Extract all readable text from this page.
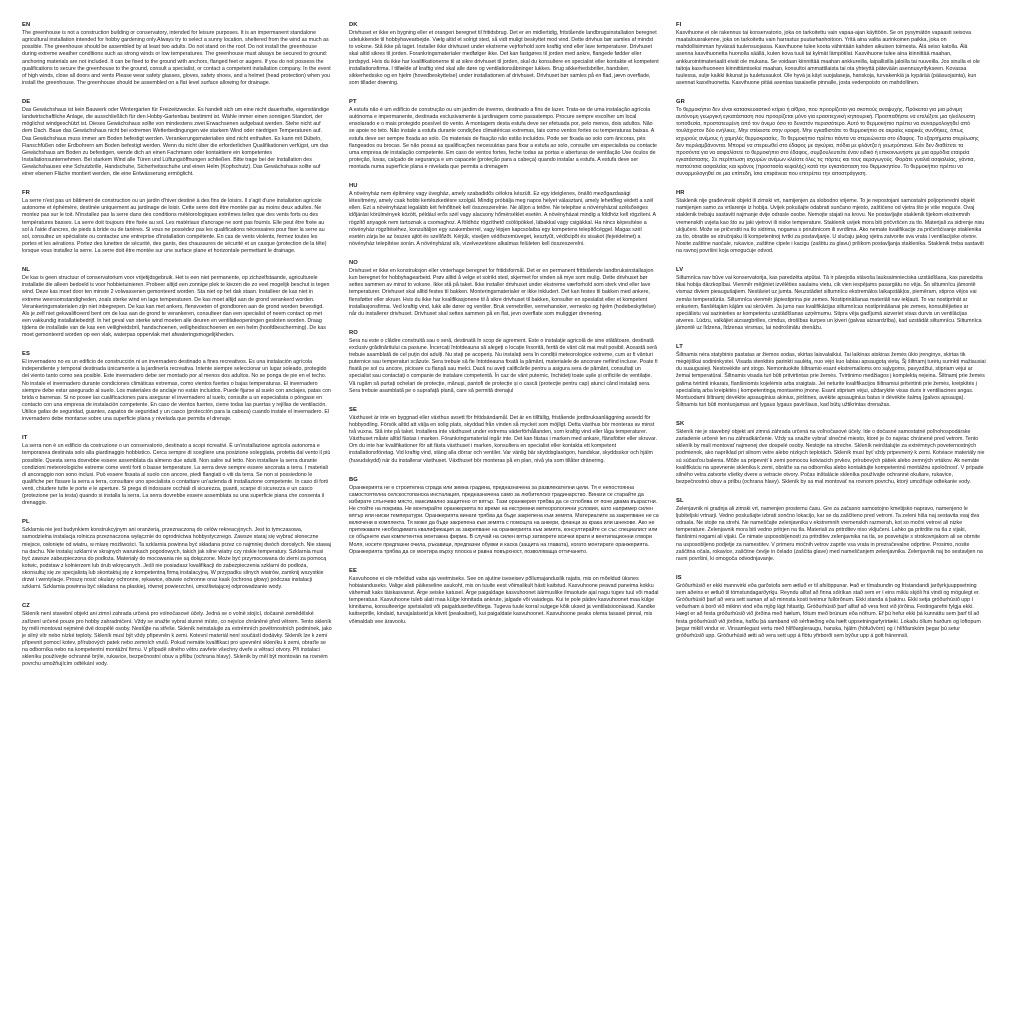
EN

The greenhouse is not a construction building or conservatory, intended for leisure purposes. It is an impermanent standalone agricultural installation intended for hobby gardening only.Always try to select a sunny location, sheltered from the wind as much as possible. The greenhouse should be assembled by at least two adults. Do not stand on the roof. Do not install the greenhouse during extreme weather conditions such as strong winds or low temperatures. The greenhouse must always be secured to ground: anchoring materials are not included. It can be fixed to the ground with anchors, flanged feet or augers. If you do not possess the qualifications to secure the greenhouse to the ground, consult a specialist, or contact a competent installation company. In the event of high winds, close all doors and vents Please wear safety glasses, gloves, safety shoes, and a helmet (head protection) when you install the greenhouse. The greenhouse should be assembled on a flat level surface allowing for drainage.

DE

Das Gewächshaus ist kein Bauwerk oder Wintergarten für Freizeitzwecke. Es handelt sich um eine nicht dauerhafte, eigenständige landwirtschaftliche Anlage, die ausschließlich für den Hobby-Gartenbau bestimmt ist. Wähle immer einen sonnigen Standort, der möglichst windgeschützt ist. Dieses Gewächshaus sollte von mindestens zwei Erwachsenen aufgebaut werden. Stehe nicht auf dem Dach. Baue das Gewächshaus nicht bei extremen Wetterbedingungen wie starkem Wind oder niedrigen Temperaturen auf. Das Gewächshaus muss immer am Boden befestigt werden. Verankerungsmaterialien sind nicht enthalten. Es kann mit Dübeln, Flanschfüßen oder Erdbohrern am Boden befestigt werden. Wenn du nicht über die erforderlichen Qualifikationen verfügst, um das Gewächshaus am Boden zu befestigen, wende dich an einen Fachmann oder kontaktiere ein kompetentes Installationsunternehmen. Bei starkem Wind alle Türen und Lüftungsöffnungen schließen. Bitte trage bei der Installation des Gewächshauses eine Schutzbrille, Handschuhe, Sicherheitsschuhe und einen Helm (Kopfschutz). Das Gewächshaus sollte auf einer ebenen Fläche montiert werden, die eine Entwässerung ermöglicht.

FR

La serre n'est pas un bâtiment de construction ou un jardin d'hiver destiné à des fins de loisirs. Il s'agit d'une installation agricole autonome et éphémère, destinée uniquement au jardinage de loisir. Cette serre doit être montée par au moins deux adultes. Ne montez pas sur le toit. N'installez pas la serre dans des conditions météorologiques extrêmes telles que des vents forts ou des températures basses. La serre doit toujours être fixée au sol. Les matériaux d'ancrage ne sont pas fournis. Elle peut être fixée au sol à l'aide d'ancres, de pieds à bride ou de tarières. Si vous ne possédez pas les qualifications nécessaires pour fixer la serre au sol, consultez un spécialiste ou contactez une entreprise d'installation compétente. En cas de vents violents, fermez toutes les portes et les aérations. Portez des lunettes de sécurité, des gants, des chaussures de sécurité et un casque (protection de la tête) lorsque vous installez la serre. La serre doit être montée sur une surface plane et horizontale permettant le drainage.

NL

De kas is geen structuur of conservatorium voor vrijetijdsgebruik. Het is een niet permanente, op zichzelfstaande, agriculturele installatie die alleen bedoeld is voor hobbietuinieren. Probeer altijd een zonnige plek te kiezen die zo veel mogelijk beschut is tegen wind. Deze kas moet door ten minste 2 volwassenen gemonteerd worden. Sta niet op het dak staan. Installeer de kas niet in extreme weersomstandigheden, zoals sterke wind en lage temperaturen. De kas moet altijd aan de grond verankerd worden. Verankeringsmaterialen zijn niet inbegrepen. De kas kan met ankers, flensvoeten of grondboren aan de grond worden bevestigd. Als je zelf niet gekwalificeerd bent om de kas aan de grond te verankeren, consulteer dan een specialist of neem contact op met een vakkundig installatiebedrijf. In het geval van sterke wind moeten alle deuren en ventilatieopeningen gesloten worden. Draag tijdens de installatie van de kas een veiligheidsbril, handschoenen, veiligheidsschoenen en een helm (hoofdbescherming). De kas moet gemonteerd worden op een vlak, waterpas oppervlak met afwateringsmogelijkheden.

ES

El invernadero no es un edificio de construcción ni un invernadero destinado a fines recreativos. Es una instalación agrícola independiente y temporal destinada únicamente a la jardinería recreativa. Intente siempre seleccionar un lugar soleado, protegido del viento tanto como sea posible. Este invernadero debe ser montado por al menos dos adultos. No se ponga de pie en el techo. No instale el invernadero durante condiciones climáticas extremas, como vientos fuertes o bajas temperaturas. El invernadero siempre debe estar asegurado al suelo. Los materiales de anclaje no están incluidos. Puede fijarse al suelo con anclajes, patas con brida o barrenas. Si no posee las cualificaciones para asegurar el invernadero al suelo, consulte a un especialista o póngase en contacto con una empresa de instalación competente. En caso de vientos fuertes, cierre todas las puertas y rejillas de ventilación. Utilice gafas de seguridad, guantes, zapatos de seguridad y un casco (protección para la cabeza) cuando instale el invernadero. El invernadero debe montarse sobre una superficie plana y nivelada que permita el drenaje.

IT

La serra non è un edificio da costruzione o un conservatorio, destinato a scopi ricreativi. È un'installazione agricola autonoma e temporanea destinata solo alla giardinaggio hobbistico. Cerca sempre di scegliere una posizione soleggiata, protetta dal vento il più possibile. Questa serra dovrebbe essere assemblata da almeno due adulti. Non salire sul tetto. Non installare la serra durante condizioni meteorologiche estreme come venti forti o basse temperature. La serra deve sempre essere ancorata a terra. I materiali di ancoraggio non sono inclusi. Può essere fissata al suolo con ancore, piedi flangiati o viti da terra. Se non si possiedono le qualifiche per fissare la serra a terra, consultare uno specialista o contattare un'azienda di installazione competente. In caso di forti venti, chiudere tutte le porte e le aperture. Si prega di indossare occhiali di sicurezza, guanti, scarpe di sicurezza e un casco (protezione per la testa) quando si installa la serra. La serra dovrebbe essere assemblata su una superficie piana che consenta il drenaggio.

PL

Szklarnia nie jest budynkiem konstrukcyjnym ani oranżerią, przeznaczoną do celów rekreacyjnych. Jest to tymczasowa, samodzielna instalacja rolnicza przeznaczona wyłącznie do ogrodnictwa hobbystycznego. Zawsze staraj się wybrać słoneczne miejsce, osłonięte od wiatru, w miarę możliwości. Ta szklarnia powinna być składana przez co najmniej dwóch dorosłych. Nie stawaj na dachu. Nie instaluj szklarni w skrajnych warunkach pogodowych, takich jak silne wiatry czy niskie temperatury. Szklarnia musi być zawsze zabezpieczona do podłoża. Materiały do mocowania nie są dołączone. Może być przymocowana do ziemi za pomocą kotwic, podstaw z kołnierzem lub śrub wkręcanych. Jeśli nie posiadasz kwalifikacji do zabezpieczenia szklarni do podłoża, skonsultuj się ze specjalistą lub skontaktuj się z kompetentną firmą instalacyjną. W przypadku silnych wiatrów, zamknij wszystkie drzwi i wentylacje. Proszę nosić okulary ochronne, rękawice, obuwie ochronne oraz kask (ochrona głowy) podczas instalacji szklarni. Szklarnia powinna być składana na płaskiej, równej powierzchni, umożliwiającej odprowadzanie wody.

CZ

Skleník není stavební objekt ani zimní zahrada určená pro volnočasové účely. Jedná se o volně stojící, dočasné zemědělské zařízení určené pouze pro hobby zahradničení. Vždy se snažte vybrat slunné místo, co nejvíce chráněné před větrem. Tento skleník by měli montovat nejméně dvě dospělé osoby. Nestůjte na střeše. Skleník neinstalujte za extrémních povětrnostních podmínek, jako je silný vítr nebo nízké teploty. Skleník musí být vždy připevněn k zemi. Kotevní materiál není součástí dodávky. Skleník lze k zemi připevnit pomocí kotev, přírubových patek nebo zemních vrutů. Pokud nemáte kvalifikaci pro upevnění skleníku k zemi, obraťte se na odborníka nebo na kompetentní montážní firmu. V případě silného větru zavřete všechny dveře a větrací otvory. Při instalaci skleníku používejte ochranné brýle, rukavice, bezpečnostní obuv a přilbu (ochrana hlavy). Skleník by měl být montován na rovném povrchu umožňujícím odtékání vody.

DK

Drivhuset er ikke en bygning eller et orangeri beregnet til fritidsbrug. Det er en midlertidig, fritstående landbrugsinstallation beregnet udelukkende til hobbyhavearbejde. Vælg altid et solrigt sted, så vidt muligt beskyttet mod vind. Dette drivhus bør samles af mindst to voksne. Stå ikke på taget. Installer ikke drivhuset under ekstreme vejrforhold som kraftig vind eller lave temperaturer. Drivhuset skal altid sikres til jorden. Forankringsmaterialer medfølger ikke. Det kan fastgøres til jorden med ankre, flangede fødder eller jordspyd. Hvis du ikke har kvalifikationerne til at sikre drivhuset til jorden, skal du konsultere en specialist eller kontakte et kompetent installationsfirma. I tilfælde af kraftig vind skal alle døre og ventilationsåbninger lukkes. Brug sikkerhedsbriller, handsker, sikkerhedssko og en hjelm (hovedbeskyttelse) under installationen af drivhuset. Drivhuset bør samles på en flad, jævn overflade, som tillader dræning.

PT

A estufa não é um edifício de construção ou um jardim de inverno, destinado a fins de lazer. Trata-se de uma instalação agrícola autónoma e impermanente, destinada exclusivamente à jardinagem como passatempo. Procure sempre escolher um local ensolarado e o mais protegido possível do vento. A montagem desta estufa deve ser efetuada por, pelo menos, dois adultos. Não se apoie no teto. Não instale a estufa durante condições climatéricas extremas, tais como ventos fortes ou temperaturas baixas. A estufa deve ser sempre fixada ao solo. Os materiais de fixação não estão incluídos. Pode ser fixada ao solo com âncoras, pés flangeados ou brocas. Se não possui as qualificações necessárias para fixar a estufa ao solo, consulte um especialista ou contacte uma empresa de instalação competente. Em caso de ventos fortes, feche todas as portas e aberturas de ventilação Use óculos de proteção, luvas, calçado de segurança e um capacete (proteção para a cabeça) quando instalar a estufa. A estufa deve ser montada numa superfície plana e nivelada que permita a drenagem

HU

A növényház nem építmény vagy üvegház, amely szabadidős célokra készült. Ez egy ideiglenes, önálló mezőgazdasági létesítmény, amely csak hobbi kertészkedésre szolgál. Mindig próbálja meg napos helyet választani, amely lehetőleg védett a szél ellen. Ezt a növényházat legalább két felnőttnek kell összeszerelnie. Ne álljon a tetőre. Ne telepítse a növényházat szélsőséges időjárási körülmények között, például erős szél vagy alacsony hőmérséklet esetén. A növényházat mindig a földhöz kell rögzíteni. A rögzítő anyagok nem tartoznak a csomaghoz. A földhöz rögzíthető csölöpökkel, lábakkal vagy csigákkal. Ha nincs képesítése a növényház rögzítéséhez, konzultáljon egy szakemberrel, vagy lépjen kapcsolatba egy kompetens telepítőcéggel. Magas szél esetén zárja be az összes ajtót és szellőzőt. Kérjük, viseljen védőszemüveget, kesztyűt, védőcipőt és sisakot (fejvédelmet) a növényház telepítése során. A növényházat sík, vízelvezetésre alkalmas felületen kell összeszerelni.

NO

Drivhuset er ikke en konstruksjon eller vinterhage beregnet for fritidsformål. Det er en permanent frittstående landbruksinstallasjon kun beregnet for hobbyhagearbeid. Prøv alltid å velge et solrikt sted, skjermet for vinden så mye som mulig. Dette drivhuset bør settes sammen av minst to voksne. Ikke stå på taket. Ikke installer drivhuset under ekstreme værforhold som sterk vind eller lave temperaturer. Drivhuset skal alltid festes til bakken. Monteringsmaterialer er ikke inkludert. Det kan festes til bakken med ankere, flensføtter eller skruer. Hvis du ikke har kvalifikasjonene til å sikre drivhuset til bakken, konsulter en spesialist eller et kompetent installasjonsfirma. Ved kraftig vind, lukk alle dører og ventiler. Bruk vernebriller, vernehansker, vernesko og hjelm (hodebeskyttelse) når du installerer drivhuset. Drivhuset skal settes sammen på en flat, jevn overflate som muliggjør drenering.

RO

Sera nu este o clădire construită sau o seră, destinată în scop de agrement. Este o instalație agricolă de sine stătătoare, destinată exclusiv grădinăritului ca pasiune. Încercați întotdeauna să alegeți o locație însorită, ferită de vânt cât mai mult posibil. Această seră trebuie asamblată de cel puțin doi adulți. Nu stați pe acoperiș. Nu instalați sera în condiții meteorologice extreme, cum ar fi vânturi puternice sau temperaturi scăzute. Sera trebuie să fie întotdeauna fixată la pământ, materialele de ancorare nefiind incluse. Poate fi fixată pe sol cu ancore, picioare cu flanșă sau melci. Dacă nu aveți calificările pentru a asigura sera de pământ, consultați un specialist sau contactați o companie de instalare competentă. În caz de vânt puternic, închideți toate ușile și orificiile de ventilație. Vă rugăm să purtați ochelari de protecție, mănuși, pantofi de protecție și o cască (protecție pentru cap) atunci când instalați sera. Sera trebuie asamblată pe o suprafață plană, care să permită drenajul

SE

Växthuset är inte en byggnad eller växthus avsett för fritidsändamål. Det är en tillfällig, fristående jordbruksanläggning avsedd för hobbyodling. Försök alltid att välja en solig plats, skyddad från vinden så mycket som möjligt. Detta växthus bör monteras av minst två vuxna. Stå inte på taket. Installera inte växthuset under extrema väderförhållanden, som kraftig vind eller låga temperaturer. Växthuset måste alltid fästas i marken. Förankringsmaterial ingår inte. Det kan fästas i marken med ankare, flänsfötter eller skruvar. Om du inte har kvalifikationer för att fästa växthuset i marken, konsultera en specialist eller kontakta ett kompetent installationsföretag. Vid kraftig vind, stäng alla dörrar och ventiler. Var vänlig bär skyddsglasögon, handskar, skyddsskor och hjälm (huvudskydd) när du installerar växthuset. Växthuset bör monteras på en plan, nivå yta som tillåter dränering.

BG

Оранжерията не е строителна сграда или зимна градина, предназначена за развлекателни цели. Тя е непостоянна самостоятелна селскостопанска инсталация, предназначена само за любителско градинарство. Винаги се старайте да избирате слънчево място, максимално защитено от вятър. Тази оранжерия трябва да се сглобява от поне двама възрастни. Не стойте на покрива. Не монтирайте оранжерията по време на екстремни метеорологични условия, като например силен вятър или ниски температури. Оранжерията винаги трябва да бъде закрепена към земята. Материалите за закрепване не са включени в комплекта. Тя може да бъде закрепена към земята с помощта на анкери, фланци за крака или шнекове. Ако не притежавате необходимата квалификация за закрепване на оранжерията към земята, консултирайте се със специалист или се обърнете към компетентна монтажна фирма. В случай на силен вятър затворете всички врати и вентилационни отвори Моля, носете предпазни очила, ръкавици, предпазни обувки и каска (защита на главата), когато монтирате оранжерията. Оранжерията трябва да се монтира върху плоска и равна повърхност, позволяваща оттичането.

EE

Kasvuhoone ei ole mõeldud vaba aja veetmiseks. See on ajutine iseseisev põllumajanduslik rajatis, mis on mõeldud üksnes hobiaianduseks. Valige alati päikeseline asukoht, mis on tuulte eest võimalikult hästi kaitstud. Kasvuhoone peavad paneima kokku vähemalt kaks täiskasvanut. Ärge seiske katusel. Ärge paigaldage kasvuhoonet äärmuslike ilmaolude ajal nagu tugev tuul või madal temperatuur. Kasvuhoone tuleb alati maa külge kinnitada ankrute, jalgade või vaiadega. Kui te pole pädev kasvuhoonet maa külge kinnitama, konsulteerige spetsialisti või paigaldusettevõttega. Tugeva tuule korral sulgege kõik uksed ja ventilatsiooniavad. Kandke kaitseprille, kindaid, turvajalatseid ja kiivrit (peakaitset), kui paigaldate kasvuhoonet. Kasvuhoone peaks olema tasasel pinnal, mis võimaldab vee äravoolu.

FI

Kasvihuone ei ole rakennus tai konservatorio, joka on tarkoitettu vain vapaa-ajan käyttöön. Se on pysymätön vapaasti seisova maatalousrakenne, joka on tarkoitettu vain harrastus puutarhanhoitoon. Yritä aina valita aurinkoinen paikka, joka on mahdollisimman hyvässä tuulensuojassa. Kasvihuone tulee koota vähintään kahden aikuisen toimesta. Älä seiso katolla. Älä asenna kasvihuonetta huonolla säällä, kuten kova tuuli tai kylmät lämpötilat. Kasvihuone tulee aina kiinnittää maahan, ankkurointimateriaalit eivät ole mukana. Se voidaan kiinnittää maahan ankkureilla, laipallisilla jaloilla tai ruuveilla. Jos sinulla ei ole taitoja kasvihuoneen kiinnittämiseksi maahan, konsultoi ammattilaista tai ota yhteyttä pätevään asennusyritykseen. Kovassa tuulessa, sulje kaikki ikkunat ja tuuletusaukot. Ole hyvä ja käyt suojalaseja, hanskoja, turvakenkiä ja kypärää (pääsuojainta), kun asennat kasvihuonetta. Kasvihuone pitää asentaa tasaiselle pinnalle, josta vedenpoisto on mahdollinen.

GR

Το θερμοκήπιο δεν είναι κατασκευαστικό κτίριο ή αίθριο, που προορίζεται για σκοπούς αναψυχής. Πρόκειται για μια μόνιμη αυτόνομη γεωργική εγκατάσταση που προορίζεται μόνο για ερασιτεχνική κηπουρική. Προσπαθήστε να επιλέξετε μια ηλιόλουστη τοποθεσία, προστατευμένη από τον άνεμο όσο το δυνατόν περισσότερο. Αυτό το θερμοκήπιο πρέπει να συναρμολογηθεί από τουλάχιστον δύο ενήλικες. Μην στέκεστε στην οροφή. Μην εγκαθιστάτε το θερμοκήπιο σε ακραίες καιρικές συνθήκες, όπως ισχυρούς ανέμους ή χαμηλές θερμοκρασίες. Το θερμοκήπιο πρέπει πάντα να στερεώνεται στο έδαφος. Τα εξαρτήματα στερέωσης δεν περιλαμβάνονται. Μπορεί να στερεωθεί στο έδαφος με αγκύρια, πόδια με φλάντζα ή γεωτρύπανα. Εάν δεν διαθέτετε τα προσόντα για να ασφαλίσετε το θερμοκήπιο στο έδαφος, συμβουλευτείτε έναν ειδικό ή επικοινωνήστε με μια αρμόδια εταιρεία εγκατάστασης. Σε περίπτωση ισχυρών ανέμων κλείστε όλες τις πόρτες και τους αεραγωγούς. Φοράτε γυαλιά ασφαλείας, γάντια, παπούτσια ασφαλείας και κράνος (προστασία κεφαλής) κατά την εγκατάσταση του θερμοκηπίου. Το θερμοκήπιο πρέπει να συναρμολογηθεί σε μια επίπεδη, ίσια επιφάνεια που επιτρέπει την αποστράγγιση.

HR

Staklenik nije građevinski objekt ili zimski vrt, namijenjen za slobodno vrijeme. To je nepostojani samostalni poljoprivredni objekt namijenjen samo za vrtlarenje iz hobija. Uvijek pokušajte odabrati sunčano mjesto, zaštićeno od vjetra što je više moguće. Ovaj staklenik trebaju sastaviti najmanje dvije odrasle osobe. Nemojte stajati na krovu. Ne postavljajte staklenik tijekom ekstremnih vremenskih uvjeta kao što su jaki vjetrovi ili niske temperature. Staklenik uvijek mora biti pričvršćen za tlo. Materijali za sidrenje nisu uključeni. Može se pričvrstiti na tlo sidrima, nogama s prirubnicom ili svrdlima. Ako nemate kvalifikacije za pričvršćivanje staklenika za tlo, obratite se stručnjaku ili kompetentnoj tvrtki za postavljanje. U slučaju jakog vjetra zatvorite sva vrata i ventilacijske otvore. Nosite zaštitne naočale, rukavice, zaštitne cipele i kacigu (zaštitu za glavu) prilikom postavljanja staklenika. Staklenik treba sastaviti na ravnoj površini koja omogućuje odvod.

LV

Siltumnīca nav būve vai konservatorija, kas paredzēta atpūtai. Tā ir pārejoša stāvoša lauksaimnieciska uzstādīšana, kas paredzēta tikai hobija dārzkopībai. Vienmēr mēģiniet izvēlēties saulainu vietu, cik vien iespējams pasargātu no vēja. Šo siltumnīcu jāmontē vismaz diviem pieaugušajiem. Nestāviet uz jumta. Neuzstādiet siltumnīcu ekstremālos laikapstākļos, piemēram, stipros vējos vai zemās temperatūrās. Siltumnīca vienmēr jāpiestiprina pie zemes. Nostiprināšanas materiāli nav iekļauti. To var nostiprināt ar enkuriem, flanšētajām kājām vai skrūvēm. Ja jums nav kvalifikācijas siltumnīcas nostiprināšanai pie zemes, konsultējieties ar speciālistu vai sazinieties ar kompetentu uzstādīšanas uzņēmumu. Stipra vēja gadījumā aizveriet visas durvis un ventilācijas atveres. Lūdzu, valkājiet aizsargbrilles, cimdus, drošības kurpes un ķiveri (galvas aizsardzība), kad uzstādāt siltumnīcu. Siltumnīca jāmontē uz līdzena, līdzenas virsmas, lai nodrošinātu drenāžu.

LT

Šiltnamis nėra statybinis pastatas ar žiemos sodas, skirtas laisvalaikiui. Tai laikinas atskiras žemės ūkio įrenginys, skirtas tik mėgėjiškai sodininkystei. Visada stenkitės parinkti saulėtą, nuo vėjo kuo labiau apsaugotą vietą. Šį šiltnamį turėtų surinkti mažiausiai du suaugusieji. Nestovėkite ant stogo. Nemontuokite šiltnamio esant ekstremalioms oro sąlygoms, pavyzdžiui, stipriam vėjui ar žemai temperatūrai. Šiltnamis visada turi būti pritvirtintas prie žemės. Tvirtinimo medžiagos į komplektą neįeina. Šiltnamį prie žemės galima tvirtinti inkarais, flanšiniomis kojelėmis arba sraigtais. Jei neturite kvalifikacijos šiltnamiui pritvirtinti prie žemės, kreipkitės į specialistą arba kreipkitės į kompetentingą montavimo įmonę. Esant stipriam vėjui, uždarykite visas duris ir ventiliacines angas. Montuodami šiltnamį dėvėkite apsauginius akinius, pirštines, avėkite apsauginius batus ir dėvėkite šalmą (galvos apsauga). Šiltnamis turi būti montuojamas ant lygaus lygaus paviršiaus, kad būtų užtikrintas drenažas.

SK

Skleník nie je stavebný objekt ani zimná záhrada určená na voľnočasové účely. Ide o dočasné samostatné poľnohospodárske zariadenie určené len na záhradkárčenie. Vždy sa snažte vybrať slnečné miesto, ktoré je čo najviac chránené pred vetrom. Tento skleník by mali montovať najmenej dve dospelé osoby. Nestojte na streche. Skleník neinštalujte za extrémnych poveternostných podmienok, ako napríklad pri silnom vetre alebo nízkych teplotách. Skleník musí byť vždy pripevnený k zemi. Kotviace materiály nie sú súčasťou balenia. Môže sa pripevniť k zemi pomocou kotviacich prvkov, prírubových pätiek alebo zemných vrtákov. Ak nemáte kvalifikáciu na upevnenie skleníka k zemi, obráťte sa na odborníka alebo kontaktujte kompetentnú montážnu spoločnosť. V prípade silného vetra zatvorte všetky dvere a vetracie otvory. Počas inštalácie skleníka používajte ochranné okuliare, rukavice, bezpečnostnú obuv a prilbu (ochrana hlavy). Skleník by sa mal montovať na rovnom povrchu, ktorý umožňuje odtekanie vody.

SL

Zelenjavnik ni gradnja ali zimski vrt, namenjen prostemu času. Gre za začasno samostojno kmetijsko napravo, namenjeno le ljubiteljski vrtnarji. Vedno poskušajte izbrati sončno lokacijo, kar se da zaščiteno pred vetrom. Ta zeleni hiša naj sestavita vsaj dva odrasla. Ne stojte na strehi. Ne nameščajte zelenjavnika v ekstremnih vremenskih razmerah, kot so močni vetrovi ali nizke temperature. Zelenjavnik mora biti vedno pritrjen na tla. Materiali za pritrditev niso vključeni. Lahko ga pritrdite na tla z vijaki, flanšnimi nogami ali vijaki. Če nimate usposobljenosti za pritrditev zelenjavnika na tla, se posvetujte s strokovnjakom ali se obrnite na usposobljeno podjetje za namestitev. V primeru močnih vetrov zaprite vsa vrata in prezračevalne odprtine. Prosimo, nosite zaščitna očala, rokavice, zaščitne čevlje in čelado (zaščita glave) med nameščanjem zelenjavnika. Zelenjavnik naj bo sestavljen na ravni površini, ki omogoča odvodnjavanje.

IS

Gróðurhúsið er ekki mannvirki eða garðstofa sem ætluð er til afslöppunar. Það er tímabundin og fristandandi jarðyrkjuuppsetning sem aðeins er ætluð til tómstundagarðyrkju. Reyndu alltaf að finna sólríkan stað sem er í eins miklu skjóli frá vindi og mögulegt er. Gróðurhúsið þarf að vera sett saman af að minnsta kosti tveimur fullorðnum. Ekki standa á þakinu. Ekki setja gróðurhúsið upp í veðurham á borð við mikinn vind eða mjög lágt hitastig. Gróðurhúsið þarf alltaf að vera fest við jörðina. Festingarefni fylgja ekki. Hægt er að festa gróðurhúsið við jörðina með hælum, fótum með brúnum eða nöfrum. Ef þú hefur ekki þá kunnáttu sem þarf til að festa gróðurhúsið við jörðina, hafðu þá samband við sérfræðing eða hæft uppsetningarfyrirtæki. Lokaðu öllum hurðum og loftopum þegar mikill vindur er. Vinsamlegast vertu með hlífðargleraugu, hanska, hjálm (höfuðvörn) og í hlífðarskóm þegar þú setur gróðurhúsið upp. Gróðurhúsið ætti að vera sett upp á flötu yfirborði sem býður upp á gott frárennsli.
